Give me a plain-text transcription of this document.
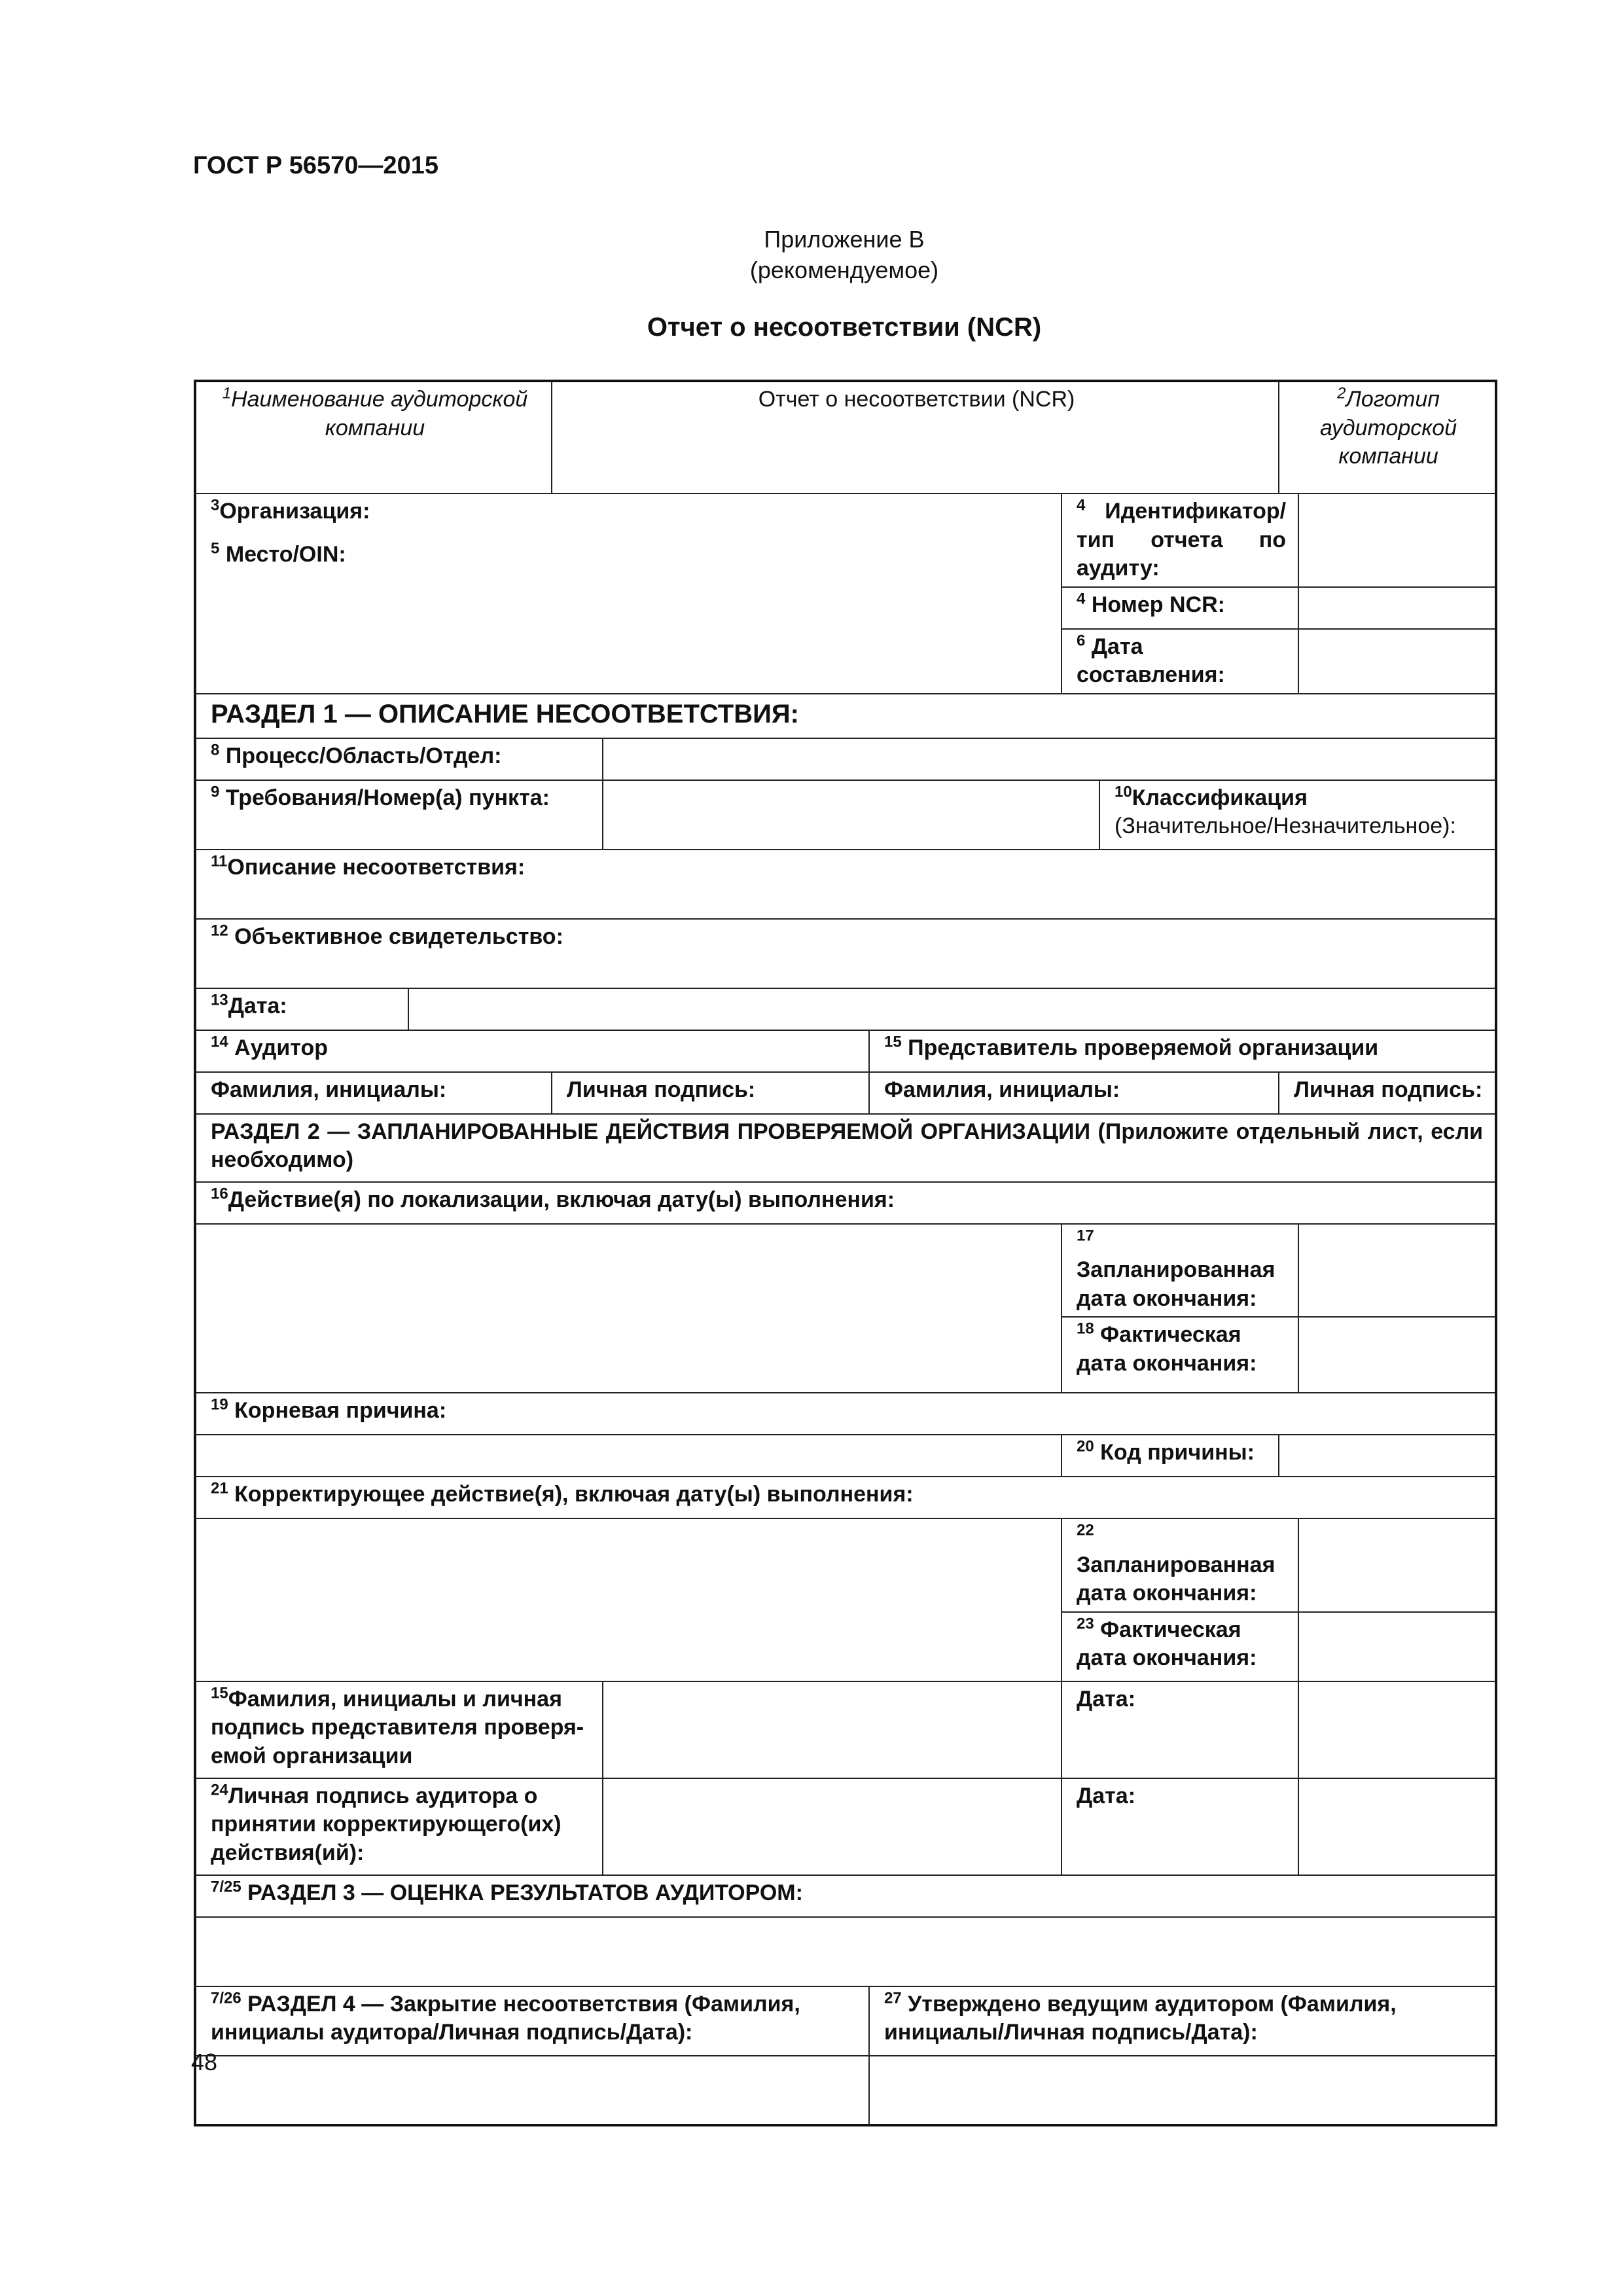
ГОСТ Р 56570—2015

Приложение В
(рекомендуемое)

Отчет о несоответствии (NCR)

$^1$Наименование аудиторской компании		Отчет о несоответствии (NCR)					$^2$Логотип аудиторской компании	

$^3$Организация:
$^5$ Место/OIN:					$^4$ Идентификатор/тип отчета по аудиту:			
					$^4$ Номер NCR:			
					$^6$ Дата составления:			
РАЗДЕЛ 1 — ОПИСАНИЕ НЕСООТВЕТСТВИЯ:								
$^8$ Процесс/Область/Отдел:								
$^9$ Требования/Номер(а) пункта:						$^{10}$Классификация
(Значительное/Незначительное):		

$^{11}$Описание несоответствия:								
$^{12}$ Объективное свидетельство:								
$^{13}$Дата:								
$^{14}$ Аудитор				$^{15}$ Представитель проверяемой организации				
Фамилия, инициалы:		Личная подпись:		Фамилия, инициалы:			Личная подпись:	
РАЗДЕЛ 2 — ЗАПЛАНИРОВАННЫЕ ДЕЙСТВИЯ ПРОВЕРЯЕМОЙ ОРГАНИЗАЦИИ (Приложите отдельный лист, если необходимо)								
$^{16}$Действие(я) по локализации, включая дату(ы) выполнения:								
					$^{17}$ Запланированная дата окончания:			
					$^{18}$ Фактическая дата окончания:			
$^{19}$ Корневая причина:								
					$^{20}$ Код причины:			
$^{21}$ Корректирующее действие(я), включая дату(ы) выполнения:								
					$^{22}$ Запланированная дата окончания:			
					$^{23}$ Фактическая дата окончания:			
$^{15}$Фамилия, инициалы и личная подпись представителя проверя-емой организации					Дата:			
$^{24}$Личная подпись аудитора о принятии корректирующего(их) действия(ий):					Дата:			
$^{7/25}$ РАЗДЕЛ 3 — ОЦЕНКА РЕЗУЛЬТАТОВ АУДИТОРОМ:								

$^{7/26}$ РАЗДЕЛ 4 — Закрытие несоответствия (Фамилия, инициалы аудитора/Личная подпись/Дата):				$^{27}$ Утверждено ведущим аудитором (Фамилия, инициалы/Личная подпись/Дата):				

48
